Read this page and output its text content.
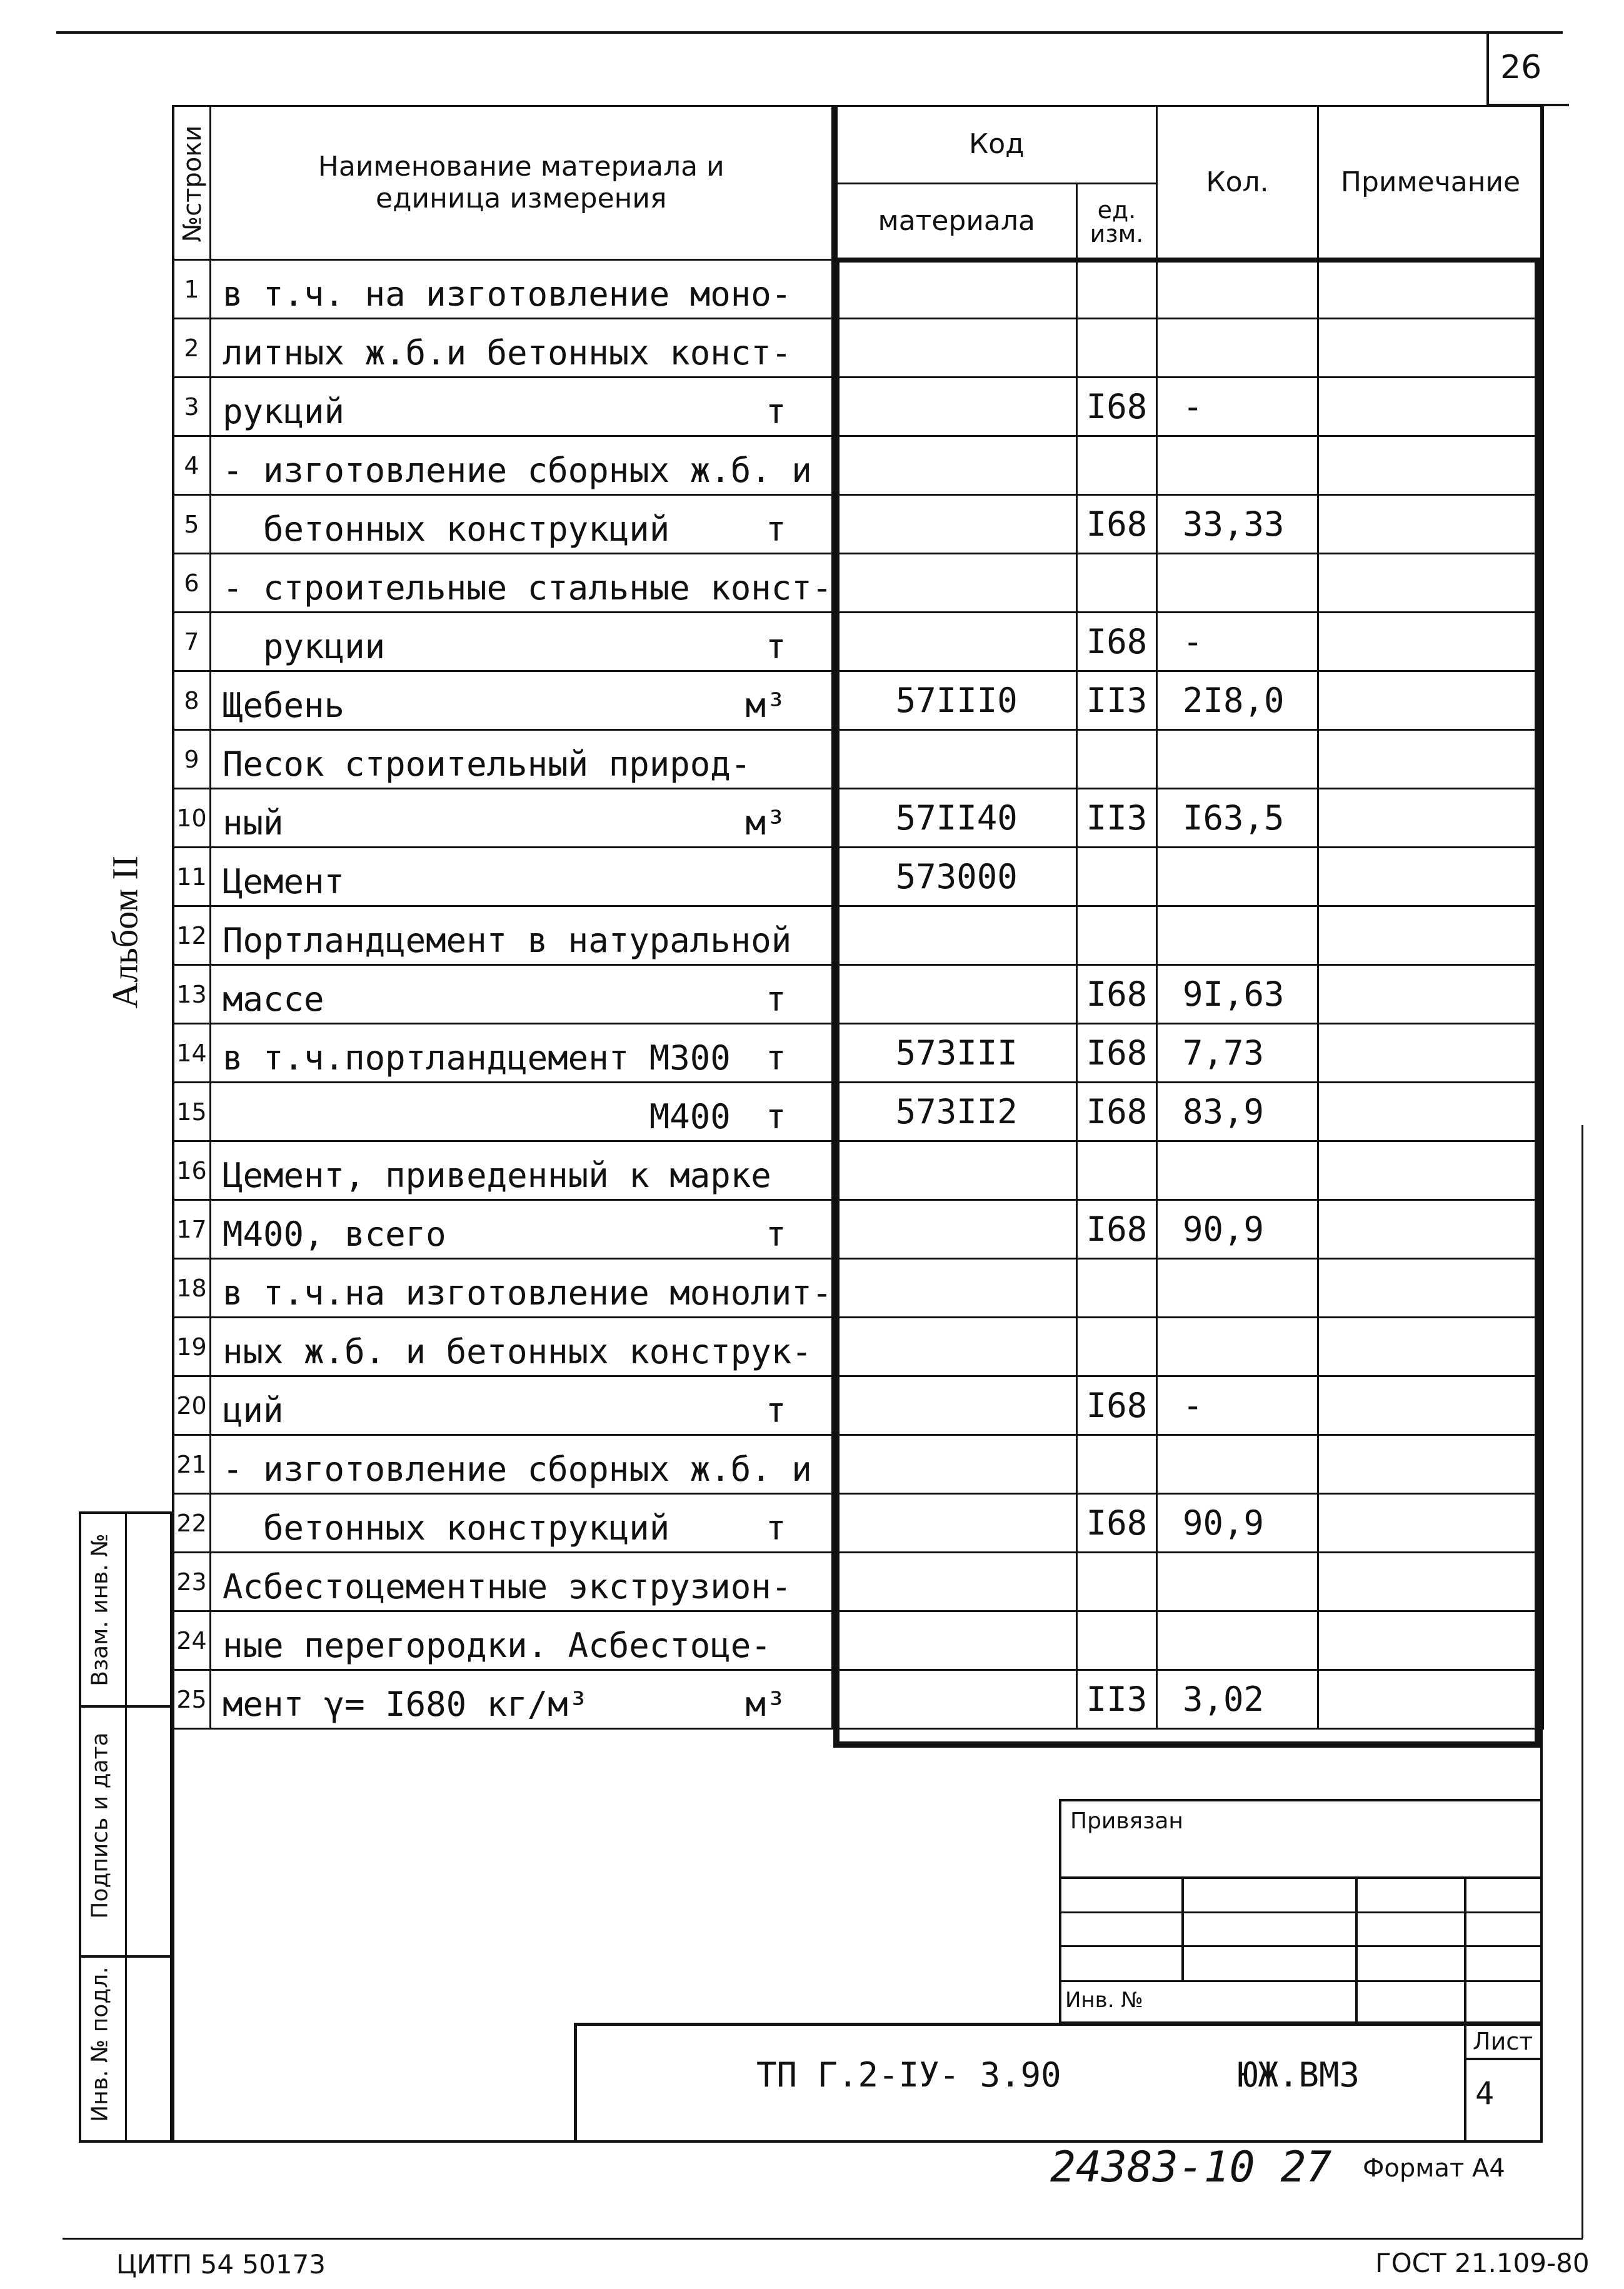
26
Альбом II
№строки	Наименование материала и единица измерения	Код		Кол.	Примечание
		материала	ед. изм.		
1	в т.ч. на изготовление моно-				

2	литных ж.б.и бетонных конст-				

3	рукций т		I68	-	
4	- изготовление сборных ж.б. и				

5	бетонных конструкций т		I68	33,33	
6	- строительные стальные конст-				

7	рукции т		I68	-	
8	Щебень м³	57III0	II3	2I8,0	
9	Песок строительный природ-				

10	ный м³	57II40	II3	I63,5	
11	Цемент	573000			
12	Портландцемент в натуральной				

13	массе т		I68	9I,63	
14	в т.ч.портландцемент М300 т	573III	I68	7,73	
15	М400 т	573II2	I68	83,9	
16	Цемент, приведенный к марке				

17	М400, всего т		I68	90,9	
18	в т.ч.на изготовление монолит-				

19	ных ж.б. и бетонных конструк-				

20	ций т		I68	-	
21	- изготовление сборных ж.б. и				

22	бетонных конструкций т		I68	90,9	
23	Асбестоцементные экструзион-				

24	ные перегородки. Асбестоце-				

25	мент γ= I680 кг/м³ м³		II3	3,02	
Взам. инв. №
Подпись и дата
Инв. № подл.
Привязан
Инв. №
ТП Г.2-IУ- 3.90	ЮЖ.ВМЗ
Лист
4
24383-10 27 Формат А4
ЦИТП 54 50173	ГОСТ 21.109-80
